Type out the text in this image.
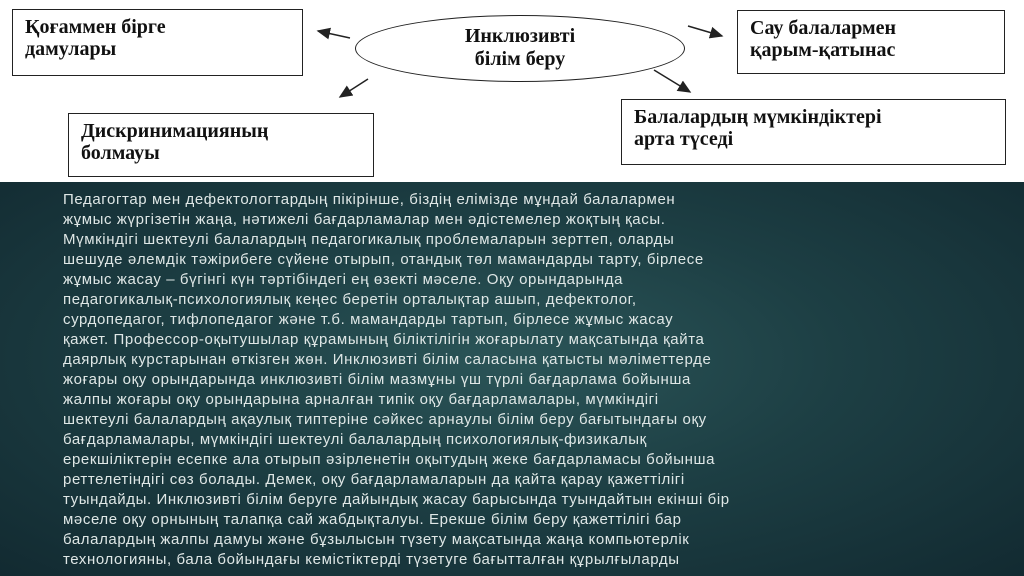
Қоғаммен бірге
дамулары
Инклюзивті
білім беру
Сау балалармен
қарым-қатынас
Дискринимацияның
болмауы
Балалардың мүмкіндіктері
арта түседі
Педагогтар мен дефектологтардың пікірінше, біздің елімізде мұндай балалармен
жұмыс жүргізетін жаңа, нәтижелі бағдарламалар мен әдістемелер жоқтың қасы.
Мүмкіндігі шектеулі балалардың педагогикалық проблемаларын зерттеп, оларды
шешуде әлемдік тәжірибеге сүйене отырып, отандық төл мамандарды тарту, бірлесе
жұмыс жасау – бүгінгі күн тәртібіндегі ең өзекті мәселе. Оқу орындарында
педагогикалық-психологиялық кеңес беретін орталықтар ашып, дефектолог,
сурдопедагог, тифлопедагог және т.б. мамандарды тартып, бірлесе жұмыс жасау
қажет. Профессор-оқытушылар құрамының біліктілігін жоғарылату мақсатында қайта
даярлық курстарынан өткізген жөн. Инклюзивті білім саласына қатысты мәліметтерде
жоғары оқу орындарында инклюзивті білім мазмұны үш түрлі бағдарлама бойынша
жалпы жоғары оқу орындарына арналған типік оқу бағдарламалары, мүмкіндігі
шектеулі балалардың ақаулық типтеріне сәйкес арнаулы білім беру бағытындағы оқу
бағдарламалары, мүмкіндігі шектеулі балалардың психологиялық-физикалық
ерекшіліктерін есепке ала отырып әзірленетін оқытудың жеке бағдарламасы бойынша
реттелетіндігі сөз болады. Демек, оқу бағдарламаларын да қайта қарау қажеттілігі
туындайды. Инклюзивті білім беруге дайындық жасау барысында туындайтын екінші бір
мәселе оқу орнының талапқа сай жабдықталуы. Ерекше білім беру қажеттілігі бар
балалардың жалпы дамуы және бұзылысын түзету мақсатында жаңа компьютерлік
технологияны, бала бойындағы кемістіктерді түзетуге бағытталған құрылғыларды
